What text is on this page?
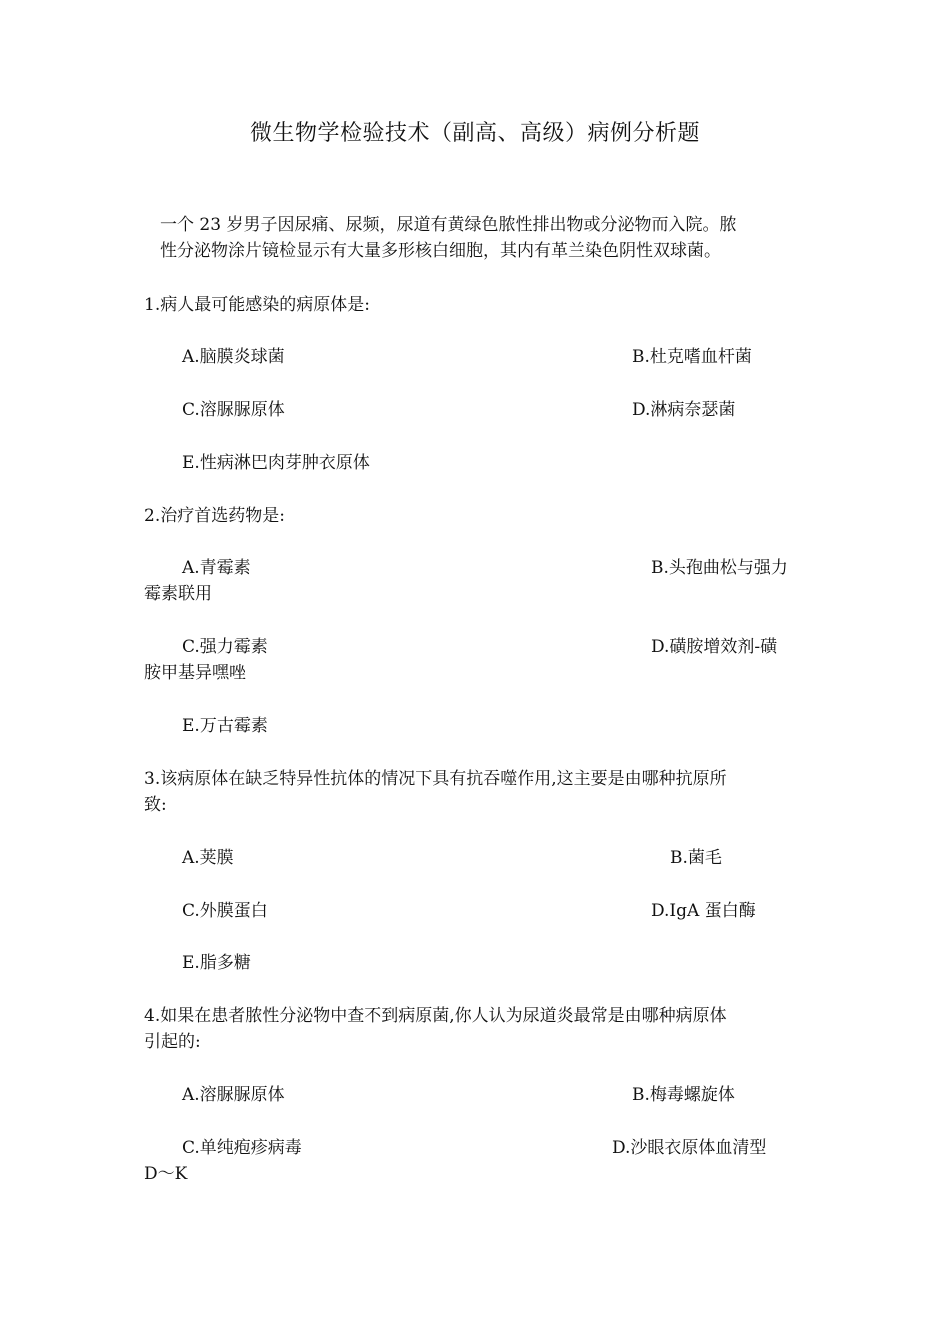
微生物学检验技术（副高、高级）病例分析题

一个 23 岁男子因尿痛、尿频，尿道有黄绿色脓性排出物或分泌物而入院。脓

性分泌物涂片镜检显示有大量多形核白细胞，其内有革兰染色阴性双球菌。

1.病人最可能感染的病原体是:
A.脑膜炎球菌	B.杜克嗜血杆菌
C.溶脲脲原体	D.淋病奈瑟菌
E.性病淋巴肉芽肿衣原体
2.治疗首选药物是:
A.青霉素	B.头孢曲松与强力
霉素联用
C.强力霉素	D.磺胺增效剂-磺
胺甲基异嘿唑
E.万古霉素
3.该病原体在缺乏特异性抗体的情况下具有抗吞噬作用,这主要是由哪种抗原所
致:
A.荚膜	B.菌毛
C.外膜蛋白	D.IgA 蛋白酶
E.脂多糖
4.如果在患者脓性分泌物中查不到病原菌,你人认为尿道炎最常是由哪种病原体
引起的:
A.溶脲脲原体	B.梅毒螺旋体
C.单纯疱疹病毒	D.沙眼衣原体血清型
D～K
